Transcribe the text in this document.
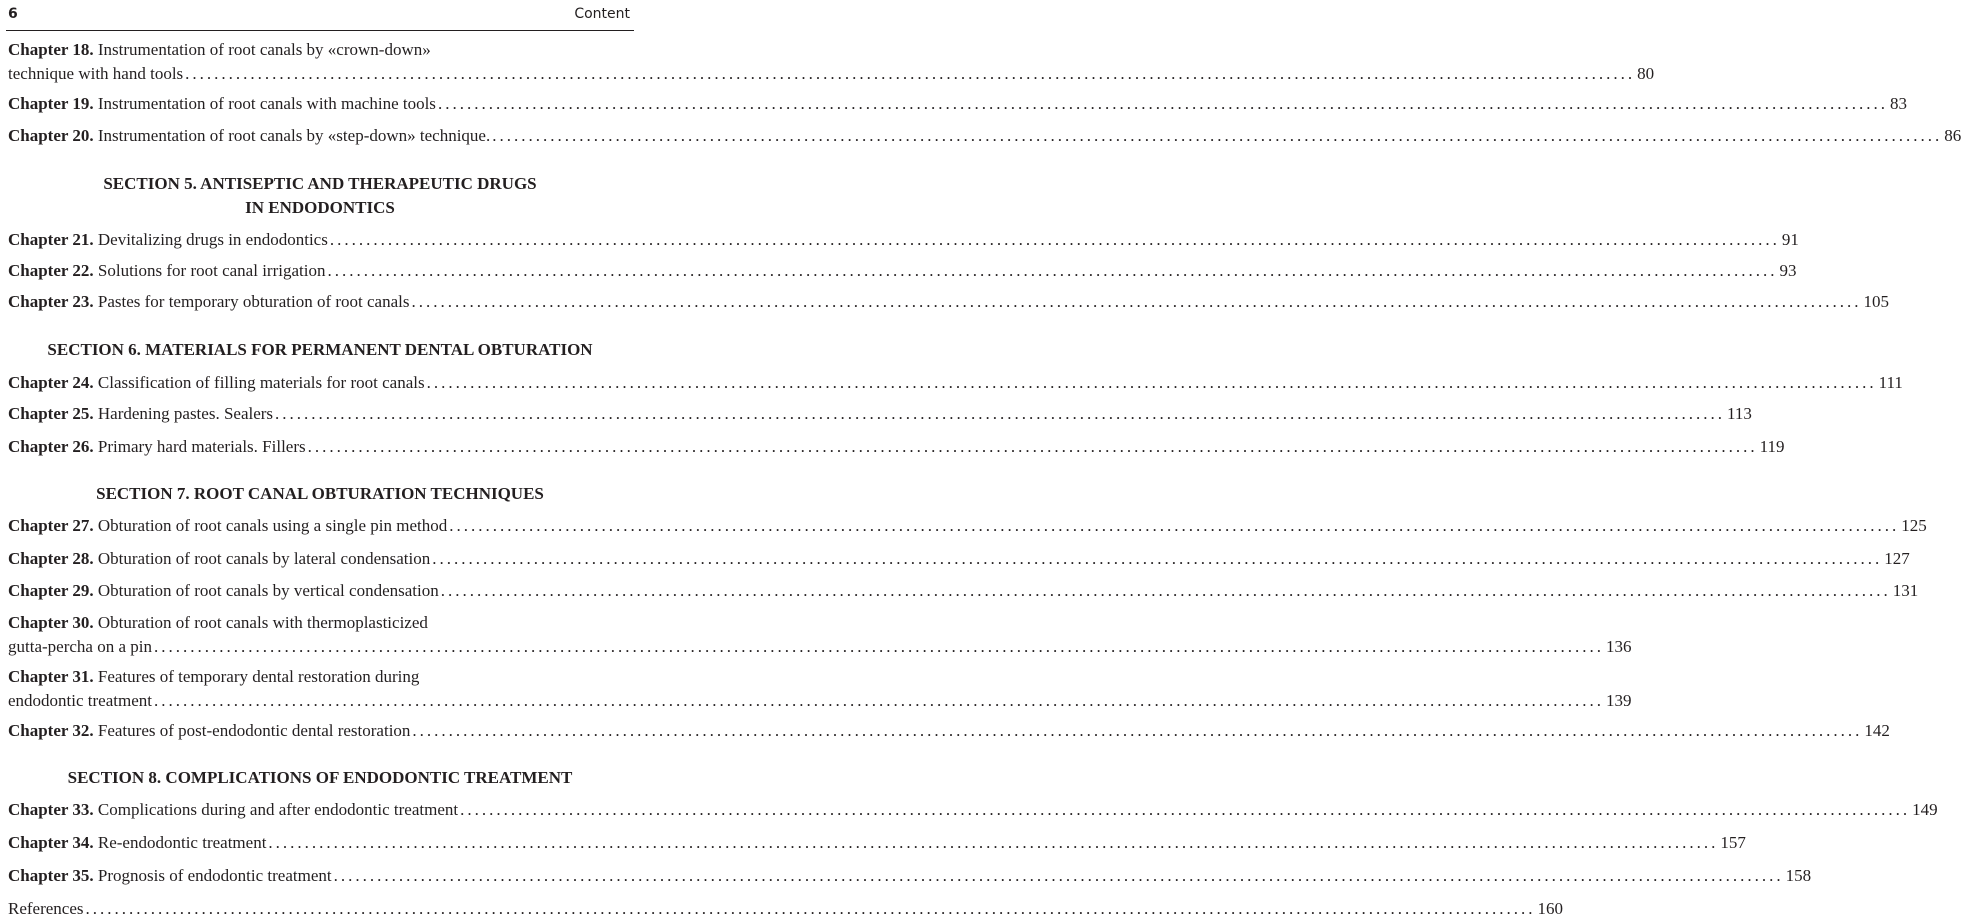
6	Content
Chapter 18. Instrumentation of root canals by «crown-down»
technique with hand tools ........................................................................................................................................................................................................ 80
Chapter 19. Instrumentation of root canals with machine tools ........................................................................................................................................................................................................ 83
Chapter 20. Instrumentation of root canals by «step-down» technique. ........................................................................................................................................................................................................ 86
SECTION 5. ANTISEPTIC AND THERAPEUTIC DRUGS
IN ENDODONTICS
Chapter 21. Devitalizing drugs in endodontics ........................................................................................................................................................................................................ 91
Chapter 22. Solutions for root canal irrigation ........................................................................................................................................................................................................ 93
Chapter 23. Pastes for temporary obturation of root canals ........................................................................................................................................................................................................ 105
SECTION 6. MATERIALS FOR PERMANENT DENTAL OBTURATION
Chapter 24. Classification of filling materials for root canals ........................................................................................................................................................................................................ 111
Chapter 25. Hardening pastes. Sealers ........................................................................................................................................................................................................ 113
Chapter 26. Primary hard materials. Fillers ........................................................................................................................................................................................................ 119
SECTION 7. ROOT CANAL OBTURATION TECHNIQUES
Chapter 27. Obturation of root canals using a single pin method ........................................................................................................................................................................................................ 125
Chapter 28. Obturation of root canals by lateral condensation ........................................................................................................................................................................................................ 127
Chapter 29. Obturation of root canals by vertical condensation ........................................................................................................................................................................................................ 131
Chapter 30. Obturation of root canals with thermoplasticized
gutta-percha on a pin ........................................................................................................................................................................................................ 136
Chapter 31. Features of temporary dental restoration during
endodontic treatment ........................................................................................................................................................................................................ 139
Chapter 32. Features of post-endodontic dental restoration ........................................................................................................................................................................................................ 142
SECTION 8. COMPLICATIONS OF ENDODONTIC TREATMENT
Chapter 33. Complications during and after endodontic treatment ........................................................................................................................................................................................................ 149
Chapter 34. Re-endodontic treatment ........................................................................................................................................................................................................ 157
Chapter 35. Prognosis of endodontic treatment ........................................................................................................................................................................................................ 158
References ........................................................................................................................................................................................................ 160
